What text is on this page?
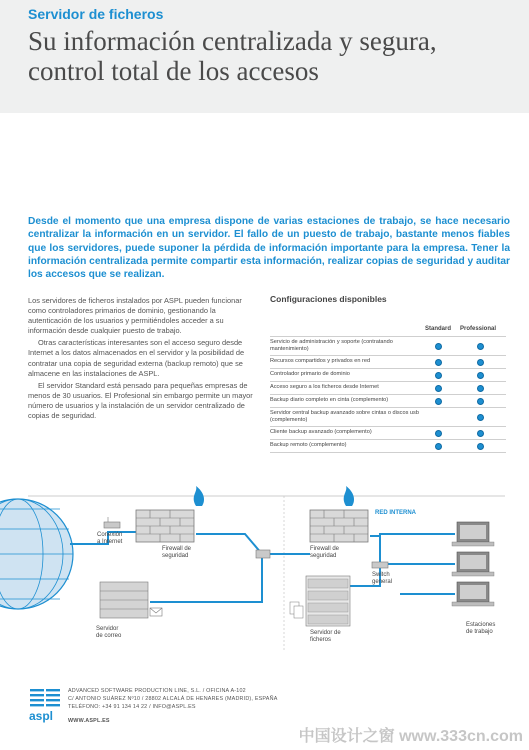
Servidor de ficheros
Su información centralizada y segura, control total de los accesos
Desde el momento que una empresa dispone de varias estaciones de trabajo, se hace necesario centralizar la información en un servidor. El fallo de un puesto de trabajo, bastante menos fiables que los servidores, puede suponer la pérdida de información importante para la empresa. Tener la información centralizada permite compartir esta información, realizar copias de seguridad y auditar los accesos que se realizan.

Los servidores de ficheros instalados por ASPL pueden funcionar como controladores primarios de dominio, gestionando la autenticación de los usuarios y permitiéndoles acceder a su información desde cualquier puesto de trabajo.

Otras características interesantes son el acceso seguro desde Internet a los datos almacenados en el servidor y la posibilidad de contratar una copia de seguridad externa (backup remoto) que se almacene en las instalaciones de ASPL.

El servidor Standard está pensado para pequeñas empresas de menos de 30 usuarios. El Profesional sin embargo permite un mayor número de usuarios y la instalación de un servidor centralizado de copias de seguridad.

Configuraciones disponibles
Standard Professional
Servicio de administración y soporte (contratando mantenimiento)
Recursos compartidos y privados en red
Controlador primario de dominio
Acceso seguro a los ficheros desde Internet
Backup diario completo en cinta (complemento)
Servidor central backup avanzado sobre cintas o discos usb (complemento)
Cliente backup avanzado (complemento)
Backup remoto (complemento)
Conexión
a Internet
Firewall de
seguridad
Servidor
de correo
Firewall de
seguridad
RED INTERNA
Switch
general
Servidor de
ficheros
Estaciones
de trabajo
aspl
ADVANCED SOFTWARE PRODUCTION LINE, S.L. / OFICINA A-102
C/ ANTONIO SUÁREZ Nº10 / 28802 ALCALÁ DE HENARES (MADRID), ESPAÑA
TELÉFONO: +34 91 134 14 22 / INFO@ASPL.ES
WWW.ASPL.ES
中国设计之窗 www.333cn.com
